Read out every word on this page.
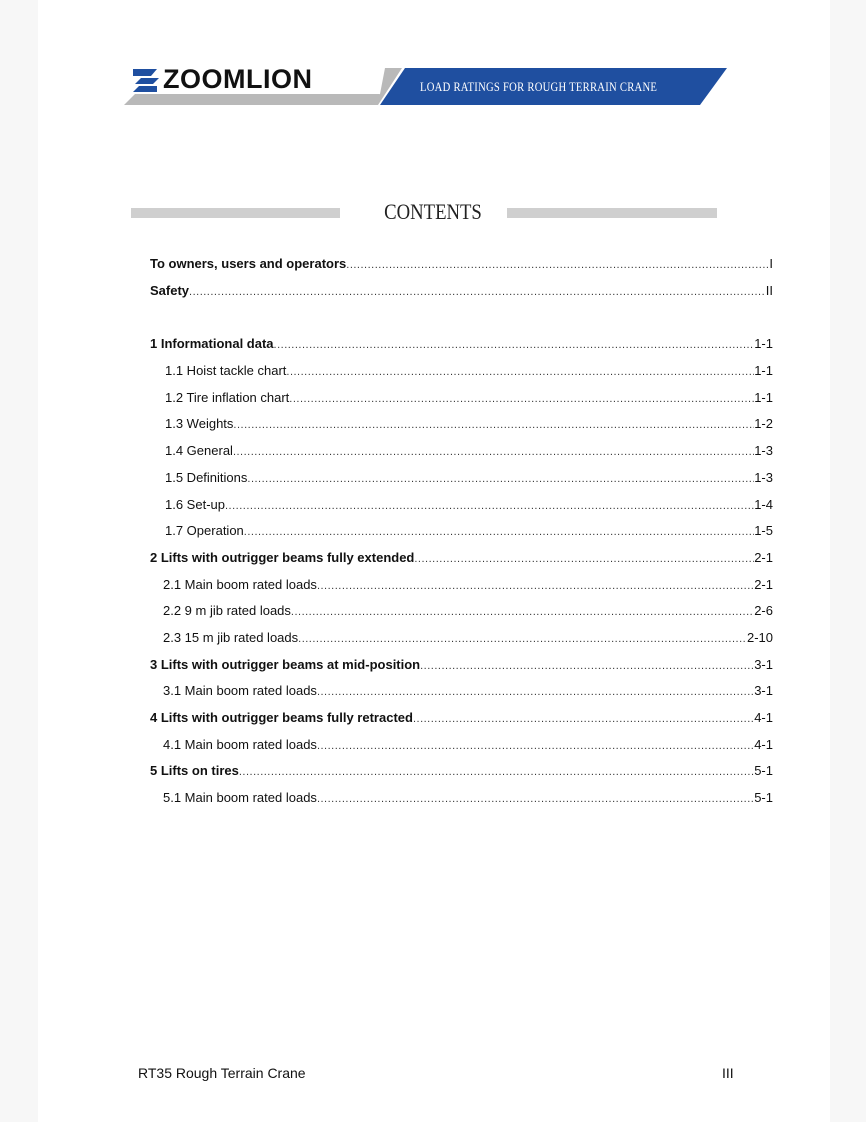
ZOOMLION	LOAD RATINGS FOR ROUGH TERRAIN CRANE
CONTENTS
To owners, users and operators .....	I
Safety .....	II
1 Informational data .....	1-1
1.1 Hoist tackle chart .....	1-1
1.2 Tire inflation chart .....	1-1
1.3 Weights .....	1-2
1.4 General .....	1-3
1.5 Definitions .....	1-3
1.6 Set-up .....	1-4
1.7 Operation .....	1-5
2 Lifts with outrigger beams fully extended .....	2-1
2.1 Main boom rated loads .....	2-1
2.2 9 m jib rated loads .....	2-6
2.3 15 m jib rated loads .....	2-10
3 Lifts with outrigger beams at mid-position .....	3-1
3.1 Main boom rated loads .....	3-1
4 Lifts with outrigger beams fully retracted .....	4-1
4.1 Main boom rated loads .....	4-1
5 Lifts on tires .....	5-1
5.1 Main boom rated loads .....	5-1
RT35 Rough Terrain Crane	III
